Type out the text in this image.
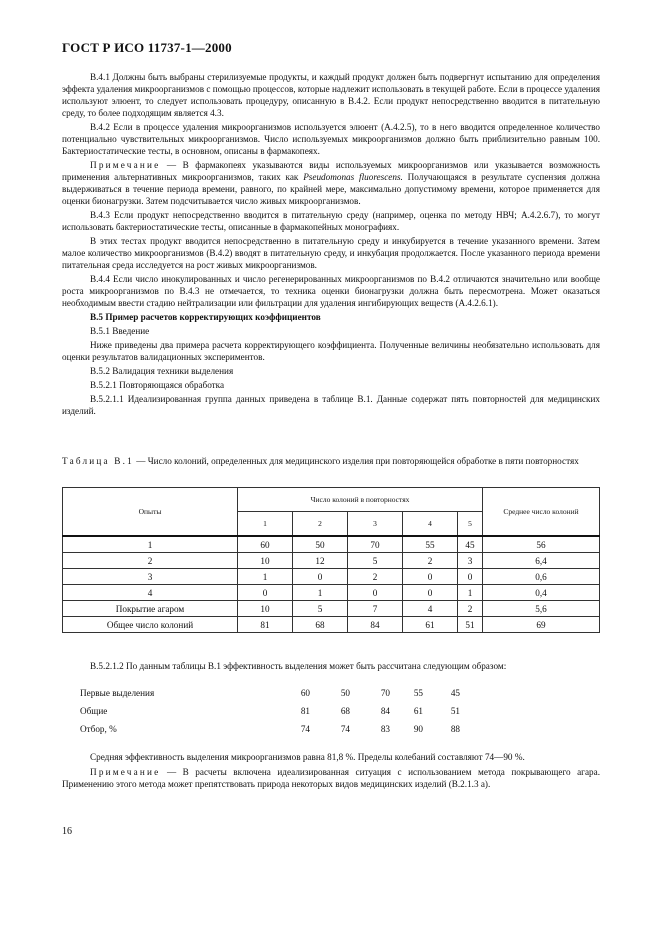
ГОСТ Р ИСО 11737-1—2000

В.4.1 Должны быть выбраны стерилизуемые продукты, и каждый продукт должен быть подвергнут испытанию для определения эффекта удаления микроорганизмов с помощью процессов, которые надлежит использовать в текущей работе. Если в процессе удаления используют элюент, то следует использовать процедуру, описанную в В.4.2. Если продукт непосредственно вводится в питательную среду, то более подходящим является 4.3.

В.4.2 Если в процессе удаления микроорганизмов используется элюент (А.4.2.5), то в него вводится определенное количество потенциально чувствительных микроорганизмов. Число используемых микроорганизмов должно быть приблизительно равным 100. Бактериостатические тесты, в основном, описаны в фармакопеях.

Примечание — В фармакопеях указываются виды используемых микроорганизмов или указывается возможность применения альтернативных микроорганизмов, таких как Pseudomonas fluorescens. Получающаяся в результате суспензия должна выдерживаться в течение периода времени, равного, по крайней мере, максимально допустимому времени, которое применяется для оценки бионагрузки. Затем подсчитывается число живых микроорганизмов.

В.4.3 Если продукт непосредственно вводится в питательную среду (например, оценка по методу НВЧ; А.4.2.6.7), то могут использовать бактериостатические тесты, описанные в фармакопейных монографиях.

В этих тестах продукт вводится непосредственно в питательную среду и инкубируется в течение указанного времени. Затем малое количество микроорганизмов (В.4.2) вводят в питательную среду, и инкубация продолжается. После указанного периода времени питательная среда исследуется на рост живых микроорганизмов.

В.4.4 Если число инокулированных и число регенерированных микроорганизмов по В.4.2 отличаются значительно или вообще роста микроорганизмов по В.4.3 не отмечается, то техника оценки бионагрузки должна быть пересмотрена. Может оказаться необходимым ввести стадию нейтрализации или фильтрации для удаления ингибирующих веществ (А.4.2.6.1).

В.5 Пример расчетов корректирующих коэффициентов

В.5.1 Введение

Ниже приведены два примера расчета корректирующего коэффициента. Полученные величины необязательно использовать для оценки результатов валидационных экспериментов.

В.5.2 Валидация техники выделения

В.5.2.1 Повторяющаяся обработка

В.5.2.1.1 Идеализированная группа данных приведена в таблице В.1. Данные содержат пять повторностей для медицинских изделий.

Таблица В.1 — Число колоний, определенных для медицинского изделия при повторяющейся обработке в пяти повторностях
Опыты	Число колоний в повторностях					Среднее число колоний
	1	2	3	4	5	
1	60	50	70	55	45	56
2	10	12	5	2	3	6,4
3	1	0	2	0	0	0,6
4	0	1	0	0	1	0,4
Покрытие агаром	10	5	7	4	2	5,6
Общее число колоний	81	68	84	61	51	69
В.5.2.1.2 По данным таблицы В.1 эффективность выделения может быть рассчитана следующим образом:
Первые выделения	60	50	70	55	45
Общие	81	68	84	61	51
Отбор, %	74	74	83	90	88

Средняя эффективность выделения микроорганизмов равна 81,8 %. Пределы колебаний составляют 74—90 %.

Примечание — В расчеты включена идеализированная ситуация с использованием метода покрывающего агара. Применению этого метода может препятствовать природа некоторых видов медицинских изделий (В.2.1.3 а).

16
